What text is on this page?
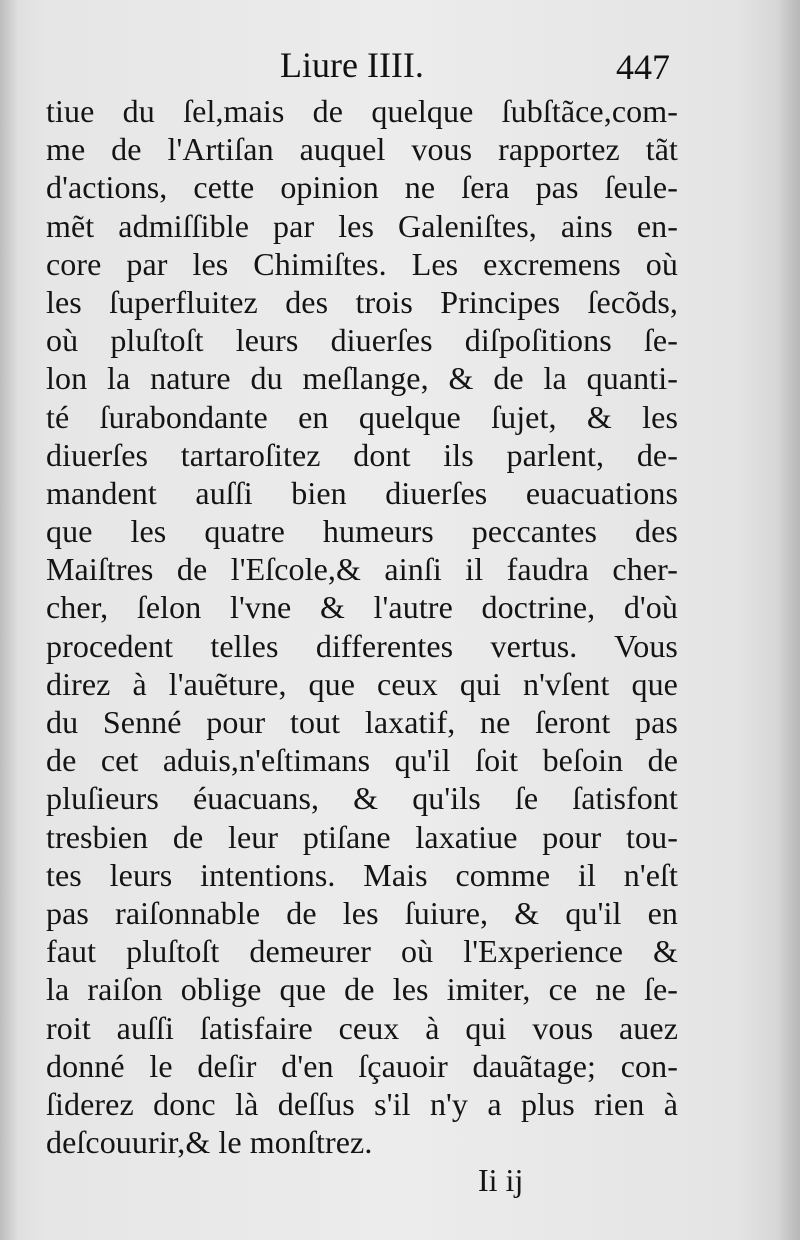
Liure IIII.	447
tiue du ſel,mais de quelque ſubſtãce,com-
me de l'Artiſan auquel vous rapportez tãt
d'actions, cette opinion ne ſera pas ſeule-
mẽt admiſſible par les Galeniſtes, ains en-
core par les Chimiſtes. Les excremens où
les ſuperfluitez des trois Principes ſecõds,
où pluſtoſt leurs diuerſes diſpoſitions ſe-
lon la nature du meſlange, & de la quanti-
té ſurabondante en quelque ſujet, & les
diuerſes tartaroſitez dont ils parlent, de-
mandent auſſi bien diuerſes euacuations
que les quatre humeurs peccantes des
Maiſtres de l'Eſcole,& ainſi il faudra cher-
cher, ſelon l'vne & l'autre doctrine, d'où
procedent telles differentes vertus. Vous
direz à l'auẽture, que ceux qui n'vſent que
du Senné pour tout laxatif, ne ſeront pas
de cet aduis,n'eſtimans qu'il ſoit beſoin de
pluſieurs éuacuans, & qu'ils ſe ſatisfont
tresbien de leur ptiſane laxatiue pour tou-
tes leurs intentions. Mais comme il n'eſt
pas raiſonnable de les ſuiure, & qu'il en
faut pluſtoſt demeurer où l'Experience &
la raiſon oblige que de les imiter, ce ne ſe-
roit auſſi ſatisfaire ceux à qui vous auez
donné le deſir d'en ſçauoir dauãtage; con-
ſiderez donc là deſſus s'il n'y a plus rien à
deſcouurir,& le monſtrez.
Ii ij
